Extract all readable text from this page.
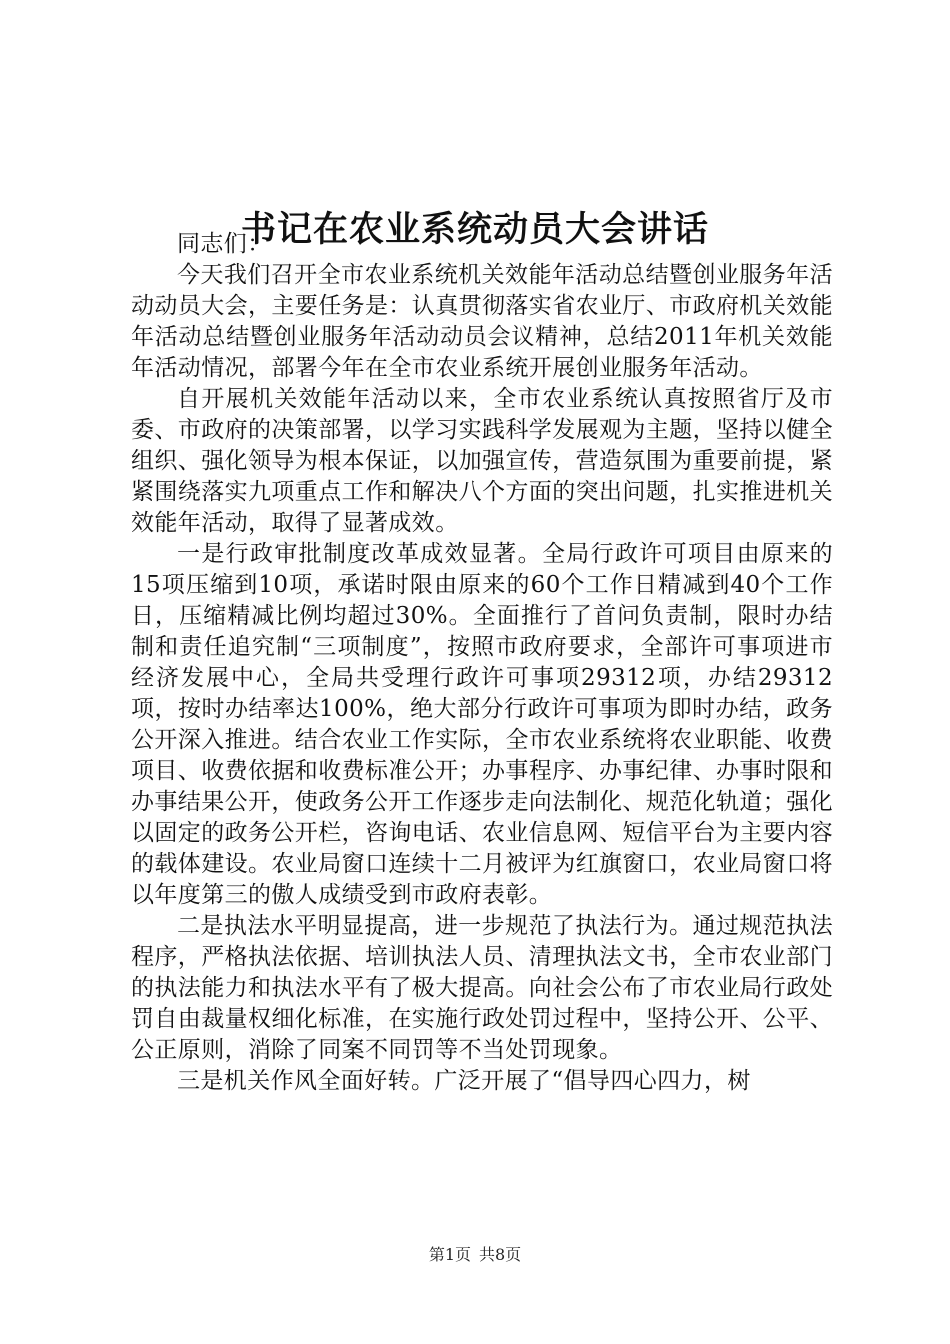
书记在农业系统动员大会讲话
同志们：

今天我们召开全市农业系统机关效能年活动总结暨创业服务年活动动员大会，主要任务是：认真贯彻落实省农业厅、市政府机关效能年活动总结暨创业服务年活动动员会议精神，总结2011年机关效能年活动情况，部署今年在全市农业系统开展创业服务年活动。

自开展机关效能年活动以来，全市农业系统认真按照省厅及市委、市政府的决策部署，以学习实践科学发展观为主题，坚持以健全组织、强化领导为根本保证，以加强宣传，营造氛围为重要前提，紧紧围绕落实九项重点工作和解决八个方面的突出问题，扎实推进机关效能年活动，取得了显著成效。

一是行政审批制度改革成效显著。全局行政许可项目由原来的15项压缩到10项，承诺时限由原来的60个工作日精减到40个工作日，压缩精减比例均超过30%。全面推行了首问负责制，限时办结制和责任追究制“三项制度”，按照市政府要求，全部许可事项进市经济发展中心，全局共受理行政许可事项29312项，办结29312项，按时办结率达100%，绝大部分行政许可事项为即时办结，政务公开深入推进。结合农业工作实际，全市农业系统将农业职能、收费项目、收费依据和收费标准公开；办事程序、办事纪律、办事时限和办事结果公开，使政务公开工作逐步走向法制化、规范化轨道；强化以固定的政务公开栏，咨询电话、农业信息网、短信平台为主要内容的载体建设。农业局窗口连续十二月被评为红旗窗口，农业局窗口将以年度第三的傲人成绩受到市政府表彰。

二是执法水平明显提高，进一步规范了执法行为。通过规范执法程序，严格执法依据、培训执法人员、清理执法文书，全市农业部门的执法能力和执法水平有了极大提高。向社会公布了市农业局行政处罚自由裁量权细化标准，在实施行政处罚过程中，坚持公开、公平、公正原则，消除了同案不同罚等不当处罚现象。

三是机关作风全面好转。广泛开展了“倡导四心四力，树

第1页 共8页
